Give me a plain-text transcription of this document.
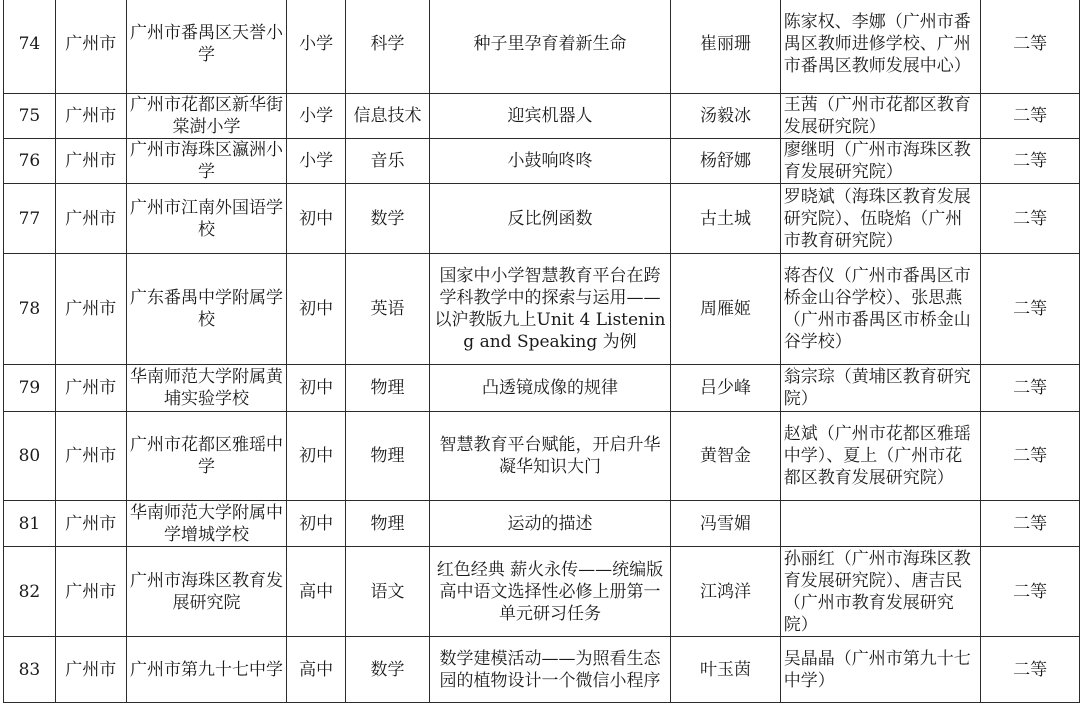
74	广州市	广州市番禺区天誉小学	小学	科学	种子里孕育着新生命	崔丽珊	陈家权、李娜（广州市番禺区教师进修学校、广州市番禺区教师发展中心）	二等
75	广州市	广州市花都区新华街棠澍小学	小学	信息技术	迎宾机器人	汤毅冰	王茜（广州市花都区教育发展研究院）	二等
76	广州市	广州市海珠区瀛洲小学	小学	音乐	小鼓响咚咚	杨舒娜	廖继明（广州市海珠区教育发展研究院）	二等
77	广州市	广州市江南外国语学校	初中	数学	反比例函数	古土城	罗晓斌（海珠区教育发展研究院）、伍晓焰（广州市教育研究院）	二等
78	广州市	广东番禺中学附属学校	初中	英语	国家中小学智慧教育平台在跨学科教学中的探索与运用——以沪教版九上Unit 4 Listening and Speaking 为例	周雁姬	蒋杏仪（广州市番禺区市桥金山谷学校）、张思燕（广州市番禺区市桥金山谷学校）	二等
79	广州市	华南师范大学附属黄埔实验学校	初中	物理	凸透镜成像的规律	吕少峰	翁宗琮（黄埔区教育研究院）	二等
80	广州市	广州市花都区雅瑶中学	初中	物理	智慧教育平台赋能，开启升华凝华知识大门	黄智金	赵斌（广州市花都区雅瑶中学）、夏上（广州市花都区教育发展研究院）	二等
81	广州市	华南师范大学附属中学增城学校	初中	物理	运动的描述	冯雪媚		二等
82	广州市	广州市海珠区教育发展研究院	高中	语文	红色经典 薪火永传——统编版高中语文选择性必修上册第一单元研习任务	江鸿洋	孙丽红（广州市海珠区教育发展研究院）、唐吉民（广州市教育发展研究院）	二等
83	广州市	广州市第九十七中学	高中	数学	数学建模活动——为照看生态园的植物设计一个微信小程序	叶玉茵	吴晶晶（广州市第九十七中学）	二等
